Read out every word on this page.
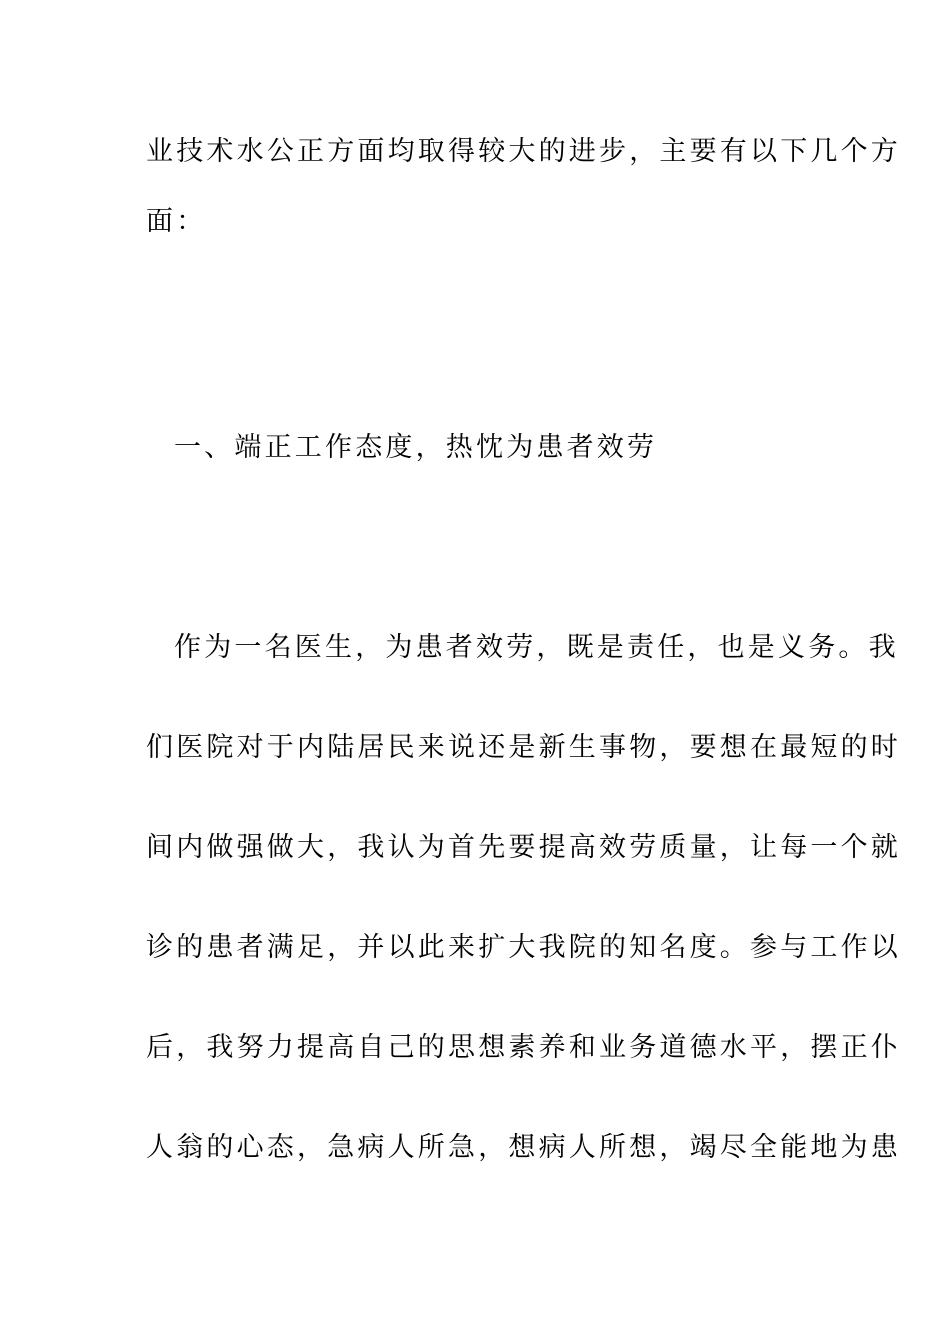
业技术水公正方面均取得较大的进步，主要有以下几个方
面：
一、端正工作态度，热忱为患者效劳
作为一名医生，为患者效劳，既是责任，也是义务。我
们医院对于内陆居民来说还是新生事物，要想在最短的时
间内做强做大，我认为首先要提高效劳质量，让每一个就
诊的患者满足，并以此来扩大我院的知名度。参与工作以
后，我努力提高自己的思想素养和业务道德水平，摆正仆
人翁的心态，急病人所急，想病人所想，竭尽全能地为患
